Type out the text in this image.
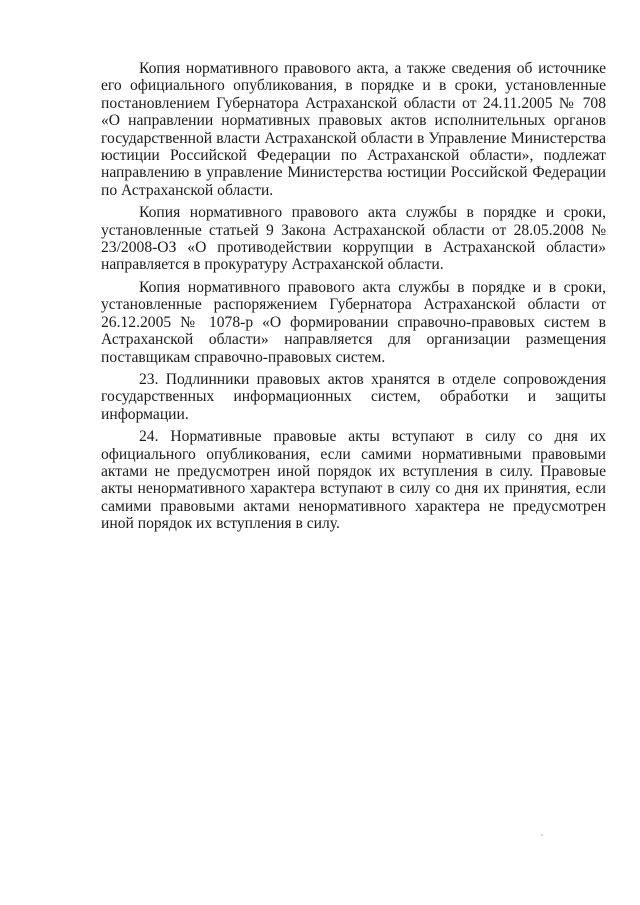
Копия нормативного правового акта, а также сведения об источнике его официального опубликования, в порядке и в сроки, установленные постановлением Губернатора Астраханской области от 24.11.2005 № 708 «О направлении нормативных правовых актов исполнительных органов государственной власти Астраханской области в Управление Министерства юстиции Российской Федерации по Астраханской области», подлежат направлению в управление Министерства юстиции Российской Федерации по Астраханской области.

Копия нормативного правового акта службы в порядке и сроки, установленные статьей 9 Закона Астраханской области от 28.05.2008 № 23/2008-ОЗ «О противодействии коррупции в Астраханской области» направляется в прокуратуру Астраханской области.

Копия нормативного правового акта службы в порядке и в сроки, установленные распоряжением Губернатора Астраханской области от 26.12.2005 № 1078-р «О формировании справочно-правовых систем в Астраханской области» направляется для организации размещения поставщикам справочно-правовых систем.

23. Подлинники правовых актов хранятся в отделе сопровождения государственных информационных систем, обработки и защиты информации.

24. Нормативные правовые акты вступают в силу со дня их официального опубликования, если самими нормативными правовыми актами не предусмотрен иной порядок их вступления в силу. Правовые акты ненормативного характера вступают в силу со дня их принятия, если самими правовыми актами ненормативного характера не предусмотрен иной порядок их вступления в силу.
